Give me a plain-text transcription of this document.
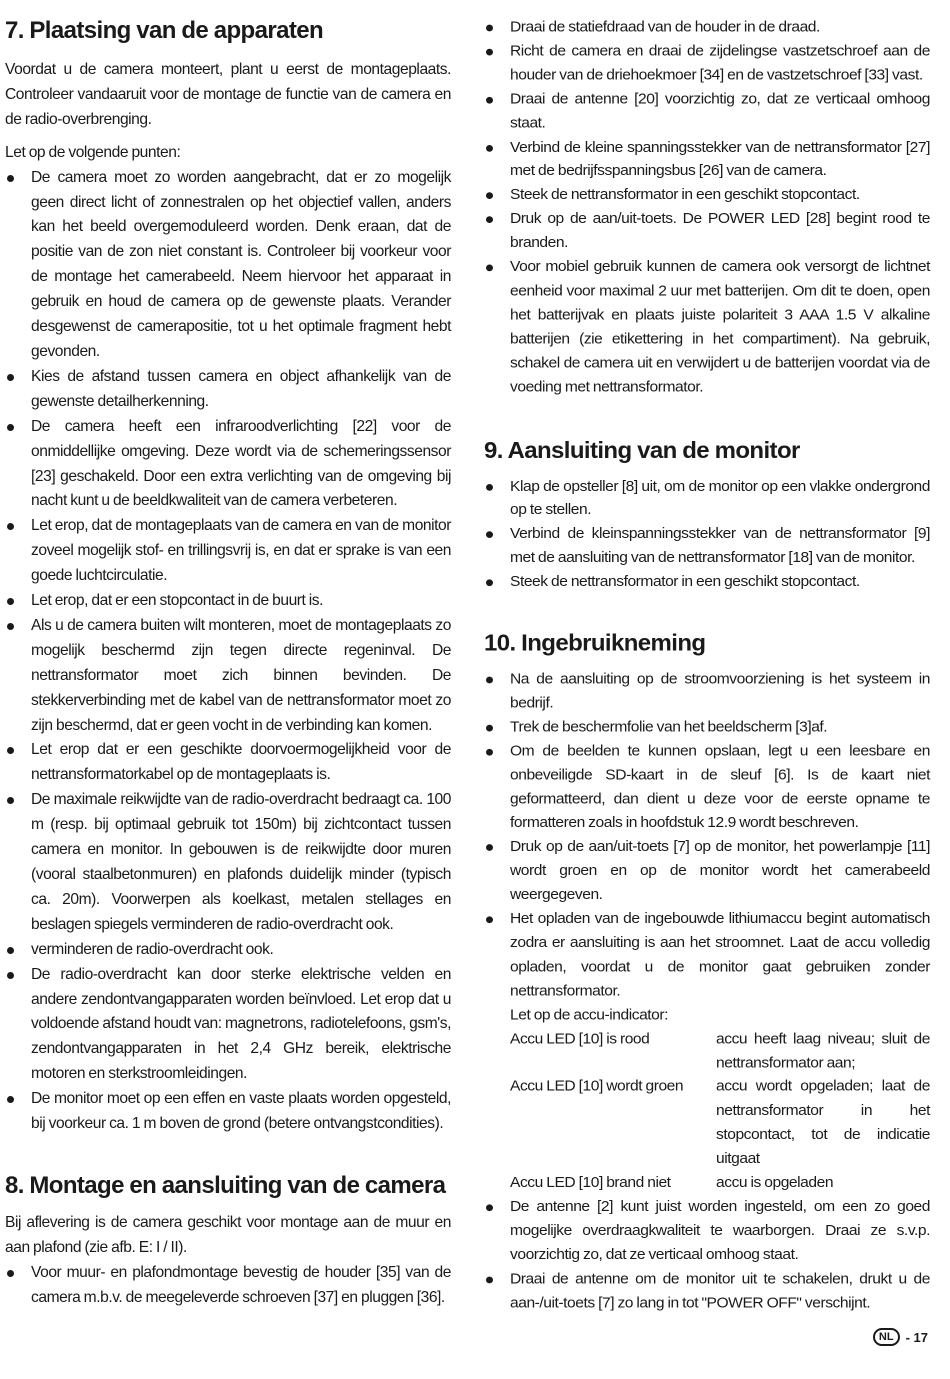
7. Plaatsing van de apparaten

Voordat u de camera monteert, plant u eerst de montageplaats. Controleer vandaaruit voor de montage de functie van de camera en de radio-overbrenging.

Let op de volgende punten:

De camera moet zo worden aangebracht, dat er zo mogelijk geen direct licht of zonnestralen op het objectief vallen, anders kan het beeld overgemoduleerd worden. Denk eraan, dat de positie van de zon niet constant is. Controleer bij voorkeur voor de montage het camerabeeld. Neem hiervoor het apparaat in gebruik en houd de camera op de gewenste plaats. Verander desgewenst de camerapositie, tot u het optimale fragment hebt gevonden.
Kies de afstand tussen camera en object afhankelijk van de gewenste detailherkenning.
De camera heeft een infraroodverlichting [22] voor de onmiddellijke omgeving. Deze wordt via de schemeringssensor [23] geschakeld. Door een extra verlichting van de omgeving bij nacht kunt u de beeldkwaliteit van de camera verbeteren.
Let erop, dat de montageplaats van de camera en van de monitor zoveel mogelijk stof- en trillingsvrij is, en dat er sprake is van een goede luchtcirculatie.
Let erop, dat er een stopcontact in de buurt is.
Als u de camera buiten wilt monteren, moet de montageplaats zo mogelijk beschermd zijn tegen directe regeninval. De nettransformator moet zich binnen bevinden. De stekkerverbinding met de kabel van de nettransformator moet zo zijn beschermd, dat er geen vocht in de verbinding kan komen.
Let erop dat er een geschikte doorvoermogelijkheid voor de nettransformatorkabel op de montageplaats is.
De maximale reikwijdte van de radio-overdracht bedraagt ca. 100 m (resp. bij optimaal gebruik tot 150m) bij zichtcontact tussen camera en monitor. In gebouwen is de reikwijdte door muren (vooral staalbetonmuren) en plafonds duidelijk minder (typisch ca. 20m). Voorwerpen als koelkast, metalen stellages en beslagen spiegels verminderen de radio-overdracht ook.
verminderen de radio-overdracht ook.
De radio-overdracht kan door sterke elektrische velden en andere zendontvangapparaten worden beïnvloed. Let erop dat u voldoende afstand houdt van: magnetrons, radiotelefoons, gsm's, zendontvangapparaten in het 2,4 GHz bereik, elektrische motoren en sterkstroomleidingen.
De monitor moet op een effen en vaste plaats worden opgesteld, bij voorkeur ca. 1 m boven de grond (betere ontvangstcondities).
8. Montage en aansluiting van de camera

Bij aflevering is de camera geschikt voor montage aan de muur en aan plafond (zie afb. E: I / II).

Voor muur- en plafondmontage bevestig de houder [35] van de camera m.b.v. de meegeleverde schroeven [37] en pluggen [36].
Draai de statiefdraad van de houder in de draad.
Richt de camera en draai de zijdelingse vastzetschroef aan de houder van de driehoekmoer [34] en de vastzetschroef [33] vast.
Draai de antenne [20] voorzichtig zo, dat ze verticaal omhoog staat.
Verbind de kleine spanningsstekker van de nettransformator [27] met de bedrijfsspanningsbus [26] van de camera.
Steek de nettransformator in een geschikt stopcontact.
Druk op de aan/uit-toets. De POWER LED [28] begint rood te branden.
Voor mobiel gebruik kunnen de camera ook versorgt de lichtnet eenheid voor maximal 2 uur met batterijen. Om dit te doen, open het batterijvak en plaats juiste polariteit 3 AAA 1.5 V alkaline batterijen (zie etikettering in het compartiment). Na gebruik, schakel de camera uit en verwijdert u de batterijen voordat via de voeding met nettransformator.
9. Aansluiting van de monitor
Klap de opsteller [8] uit, om de monitor op een vlakke ondergrond op te stellen.
Verbind de kleinspanningsstekker van de nettransformator [9] met de aansluiting van de nettransformator [18] van de monitor.
Steek de nettransformator in een geschikt stopcontact.
10. Ingebruikneming
Na de aansluiting op de stroomvoorziening is het systeem in bedrijf.
Trek de beschermfolie van het beeldscherm [3]af.
Om de beelden te kunnen opslaan, legt u een leesbare en onbeveiligde SD-kaart in de sleuf [6]. Is de kaart niet geformatteerd, dan dient u deze voor de eerste opname te formatteren zoals in hoofdstuk 12.9 wordt beschreven.
Druk op de aan/uit-toets [7] op de monitor, het powerlampje [11] wordt groen en op de monitor wordt het camerabeeld weergegeven.
Het opladen van de ingebouwde lithiumaccu begint automatisch zodra er aansluiting is aan het stroomnet. Laat de accu volledig opladen, voordat u de monitor gaat gebruiken zonder nettransformator.

Let op de accu-indicator:

Accu LED [10] is rood	accu heeft laag niveau; sluit de nettransformator aan;
Accu LED [10] wordt groen	accu wordt opgeladen; laat de nettransformator in het stopcontact, tot de indicatie uitgaat
Accu LED [10] brand niet	accu is opgeladen
De antenne [2] kunt juist worden ingesteld, om een zo goed mogelijke overdraagkwaliteit te waarborgen. Draai ze s.v.p. voorzichtig zo, dat ze verticaal omhoog staat.
Draai de antenne om de monitor uit te schakelen, drukt u de aan-/uit-toets [7] zo lang in tot "POWER OFF" verschijnt.
NL - 17
